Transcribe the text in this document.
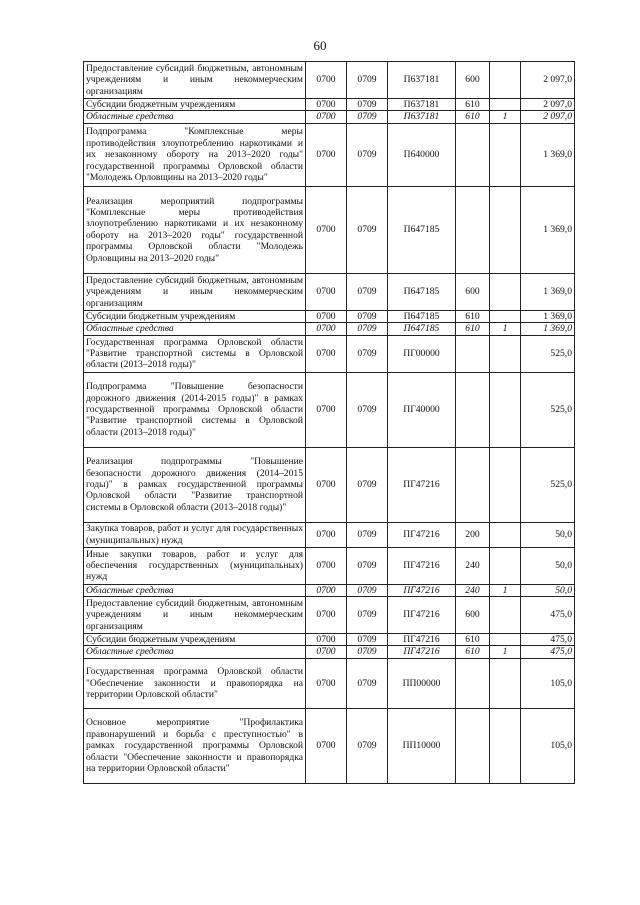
60
Предоставление субсидий бюджетным, автономным учреждениям и иным некоммерческим организациям	0700	0709	П637181	600		2 097,0
Субсидии бюджетным учреждениям	0700	0709	П637181	610		2 097,0
Областные средства	0700	0709	П637181	610	1	2 097,0
Подпрограмма "Комплексные меры противодействия злоупотреблению наркотиками и их незаконному обороту на 2013–2020 годы" государственной программы Орловской области "Молодежь Орловщины на 2013–2020 годы"	0700	0709	П640000			1 369,0
Реализация мероприятий подпрограммы "Комплексные меры противодействия злоупотреблению наркотиками и их незаконному обороту на 2013–2020 годы" государственной программы Орловской области "Молодежь Орловщины на 2013–2020 годы"	0700	0709	П647185			1 369,0
Предоставление субсидий бюджетным, автономным учреждениям и иным некоммерческим организациям	0700	0709	П647185	600		1 369,0
Субсидии бюджетным учреждениям	0700	0709	П647185	610		1 369,0
Областные средства	0700	0709	П647185	610	1	1 369,0
Государственная программа Орловской области "Развитие транспортной системы в Орловской области (2013–2018 годы)"	0700	0709	ПГ00000			525,0
Подпрограмма "Повышение безопасности дорожного движения (2014-2015 годы)" в рамках государственной программы Орловской области "Развитие транспортной системы в Орловской области (2013–2018 годы)"	0700	0709	ПГ40000			525,0
Реализация подпрограммы "Повышение безопасности дорожного движения (2014–2015 годы)" в рамках государственной программы Орловской области "Развитие транспортной системы в Орловской области (2013–2018 годы)"	0700	0709	ПГ47216			525,0
Закупка товаров, работ и услуг для государственных (муниципальных) нужд	0700	0709	ПГ47216	200		50,0
Иные закупки товаров, работ и услуг для обеспечения государственных (муниципальных) нужд	0700	0709	ПГ47216	240		50,0
Областные средства	0700	0709	ПГ47216	240	1	50,0
Предоставление субсидий бюджетным, автономным учреждениям и иным некоммерческим организациям	0700	0709	ПГ47216	600		475,0
Субсидии бюджетным учреждениям	0700	0709	ПГ47216	610		475,0
Областные средства	0700	0709	ПГ47216	610	1	475,0
Государственная программа Орловской области "Обеспечение законности и правопорядка на территории Орловской области"	0700	0709	ПП00000			105,0
Основное мероприятие "Профилактика правонарушений и борьба с преступностью" в рамках государственной программы Орловской области "Обеспечение законности и правопорядка на территории Орловской области"	0700	0709	ПП10000			105,0
